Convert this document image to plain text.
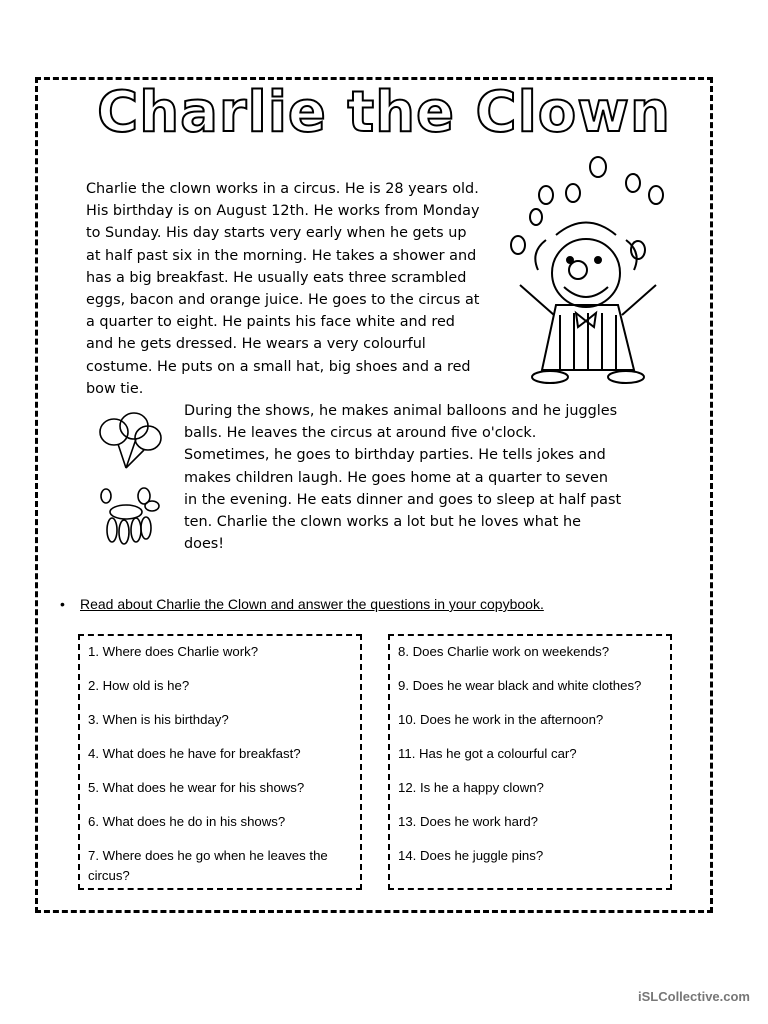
Charlie the Clown
Charlie the clown works in a circus. He is 28 years old. His birthday is on August 12th. He works from Monday to Sunday. His day starts very early when he gets up at half past six in the morning. He takes a shower and has a big breakfast. He usually eats three scrambled eggs, bacon and orange juice. He goes to the circus at a quarter to eight. He paints his face white and red and he gets dressed. He wears a very colourful costume. He puts on a small hat, big shoes and a red bow tie.
During the shows, he makes animal balloons and he juggles balls. He leaves the circus at around five o'clock. Sometimes, he goes to birthday parties. He tells jokes and makes children laugh. He goes home at a quarter to seven in the evening. He eats dinner and goes to sleep at half past ten. Charlie the clown works a lot but he loves what he does!
• Read about Charlie the Clown and answer the questions in your copybook.
1. Where does Charlie work?
2. How old is he?
3. When is his birthday?
4. What does he have for breakfast?
5. What does he wear for his shows?
6. What does he do in his shows?
7. Where does he go when he leaves the circus?
8. Does Charlie work on weekends?
9. Does he wear black and white clothes?
10. Does he work in the afternoon?
11. Has he got a colourful car?
12. Is he a happy clown?
13. Does he work hard?
14. Does he juggle pins?
iSLCollective.com
